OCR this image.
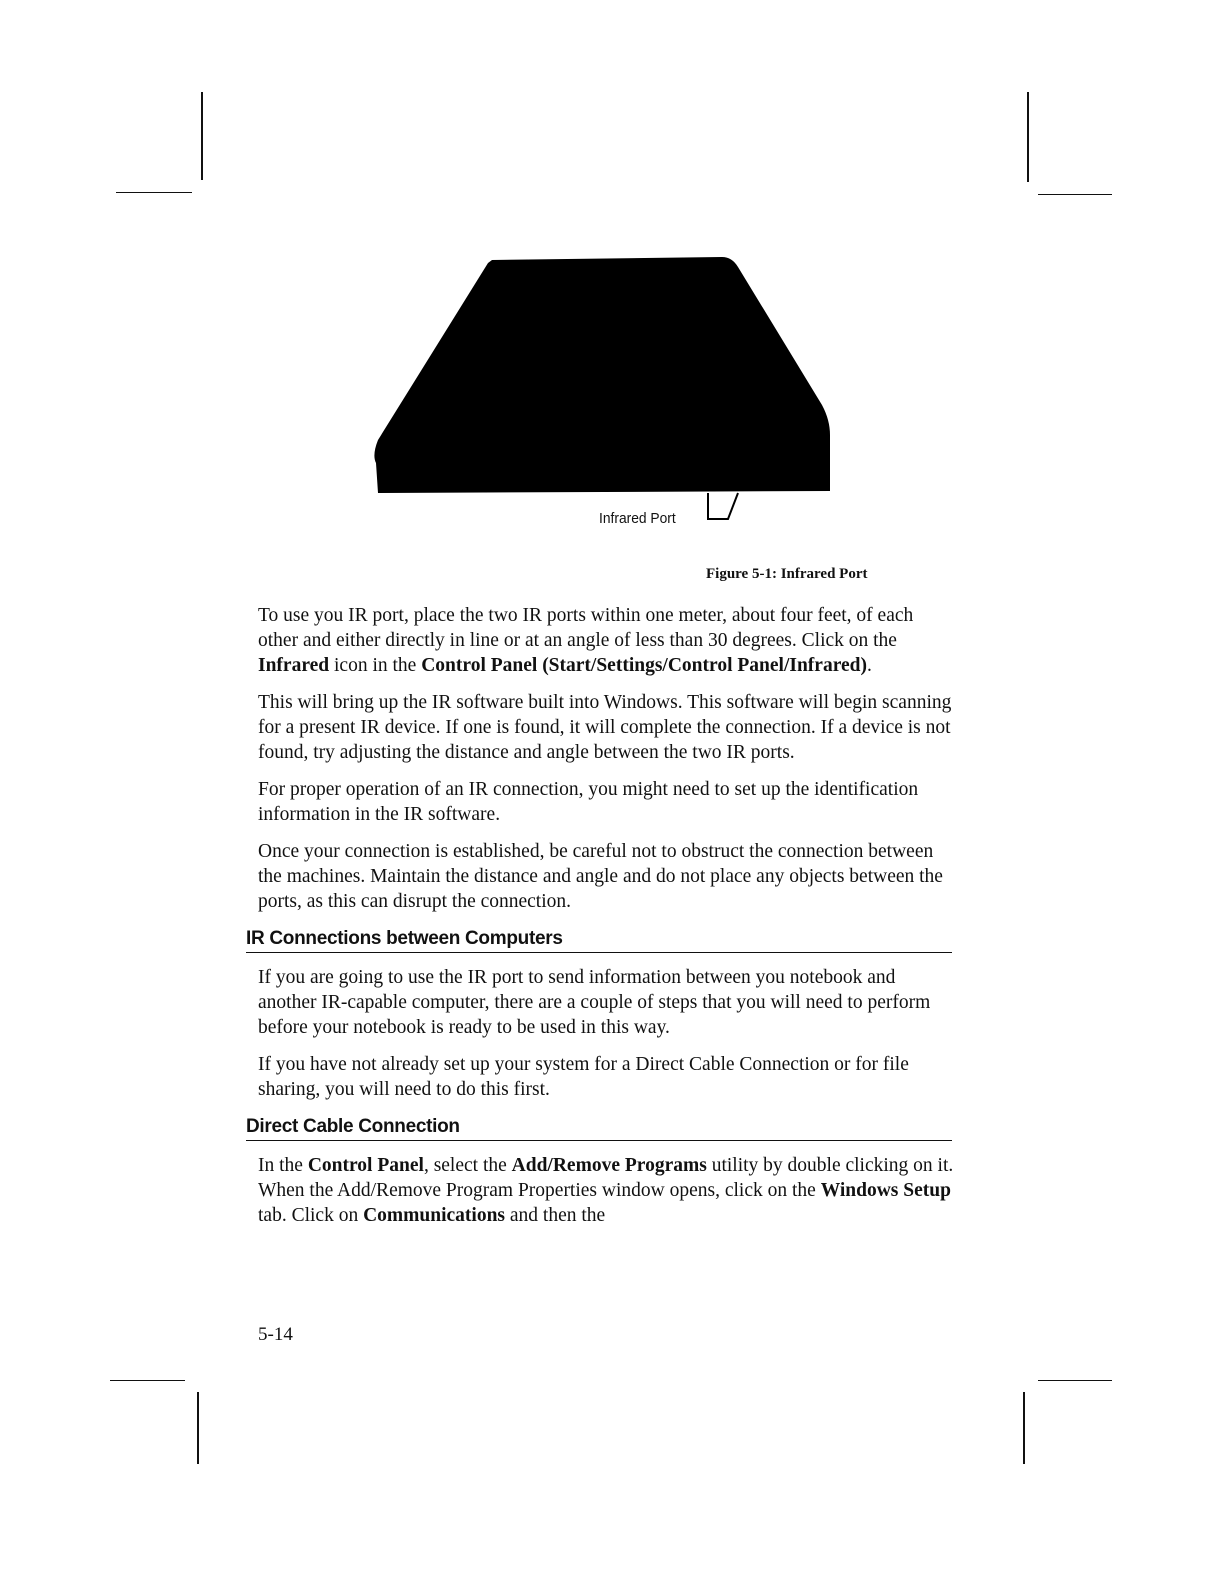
Infrared Port
Figure 5-1: Infrared Port

To use you IR port, place the two IR ports within one meter, about four feet, of each other and either directly in line or at an angle of less than 30 degrees. Click on the Infrared icon in the Control Panel (Start/Settings/Control Panel/Infrared).

This will bring up the IR software built into Windows. This software will begin scanning for a present IR device. If one is found, it will complete the connection. If a device is not found, try adjusting the distance and angle between the two IR ports.

For proper operation of an IR connection, you might need to set up the identification information in the IR software.

Once your connection is established, be careful not to obstruct the connection between the machines. Maintain the distance and angle and do not place any objects between the ports, as this can disrupt the connection.

IR Connections between Computers

If you are going to use the IR port to send information between you notebook and another IR-capable computer, there are a couple of steps that you will need to perform before your notebook is ready to be used in this way.

If you have not already set up your system for a Direct Cable Connection or for file sharing, you will need to do this first.

Direct Cable Connection

In the Control Panel, select the Add/Remove Programs utility by double clicking on it. When the Add/Remove Program Properties window opens, click on the Windows Setup tab. Click on Communications and then the

5-14
